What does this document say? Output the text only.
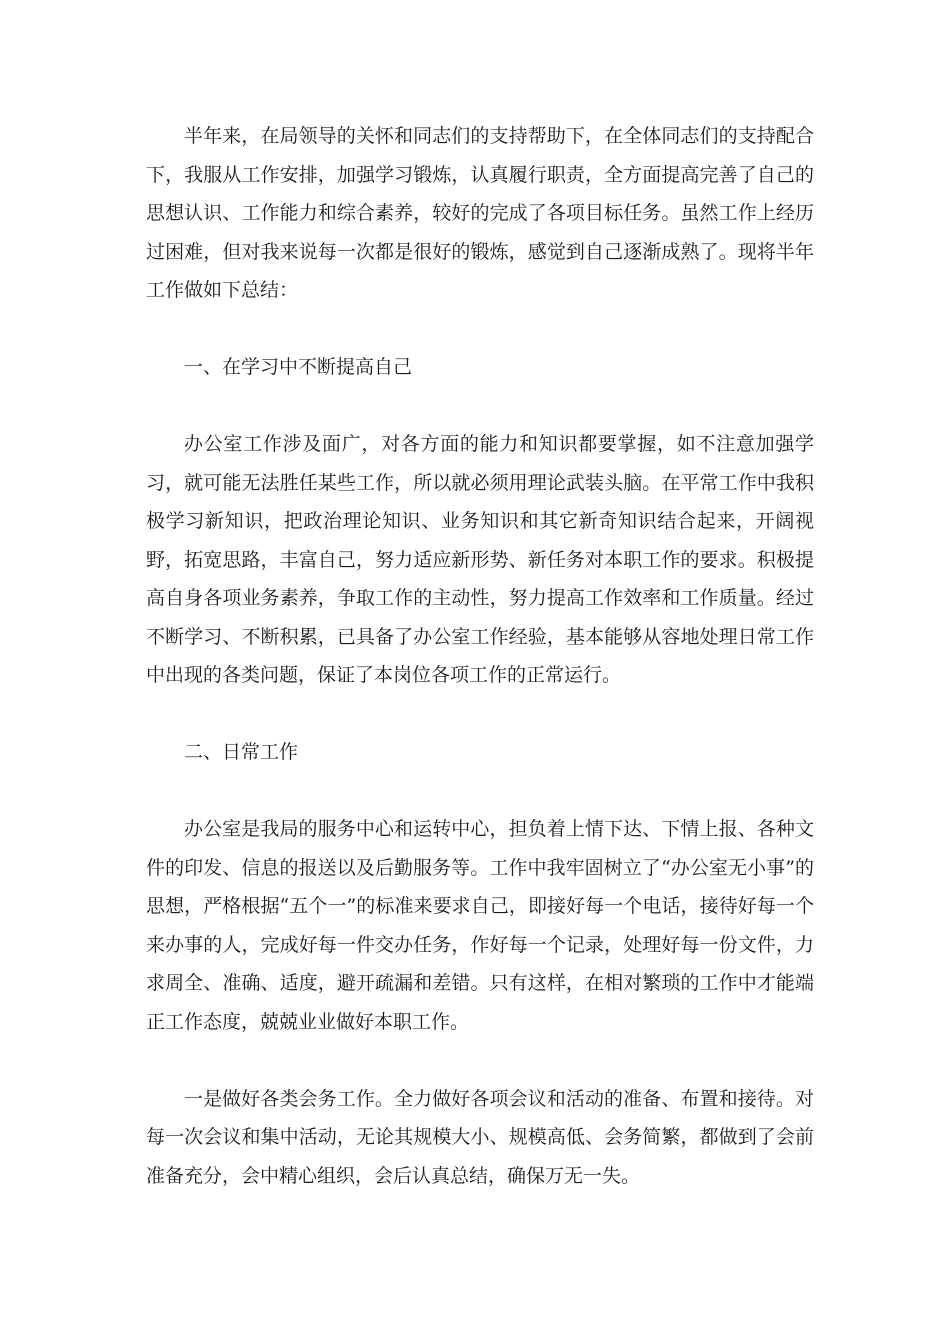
半年来，在局领导的关怀和同志们的支持帮助下，在全体同志们的支持配合下，我服从工作安排，加强学习锻炼，认真履行职责，全方面提高完善了自己的思想认识、工作能力和综合素养，较好的完成了各项目标任务。虽然工作上经历过困难，但对我来说每一次都是很好的锻炼，感觉到自己逐渐成熟了。现将半年工作做如下总结：

一、在学习中不断提高自己

办公室工作涉及面广，对各方面的能力和知识都要掌握，如不注意加强学习，就可能无法胜任某些工作，所以就必须用理论武装头脑。在平常工作中我积极学习新知识，把政治理论知识、业务知识和其它新奇知识结合起来，开阔视野，拓宽思路，丰富自己，努力适应新形势、新任务对本职工作的要求。积极提高自身各项业务素养，争取工作的主动性，努力提高工作效率和工作质量。经过不断学习、不断积累，已具备了办公室工作经验，基本能够从容地处理日常工作中出现的各类问题，保证了本岗位各项工作的正常运行。

二、日常工作

办公室是我局的服务中心和运转中心，担负着上情下达、下情上报、各种文件的印发、信息的报送以及后勤服务等。工作中我牢固树立了“办公室无小事”的思想，严格根据“五个一”的标准来要求自己，即接好每一个电话，接待好每一个来办事的人，完成好每一件交办任务，作好每一个记录，处理好每一份文件，力求周全、准确、适度，避开疏漏和差错。只有这样，在相对繁琐的工作中才能端正工作态度，兢兢业业做好本职工作。

一是做好各类会务工作。全力做好各项会议和活动的准备、布置和接待。对每一次会议和集中活动，无论其规模大小、规模高低、会务简繁，都做到了会前准备充分，会中精心组织，会后认真总结，确保万无一失。
